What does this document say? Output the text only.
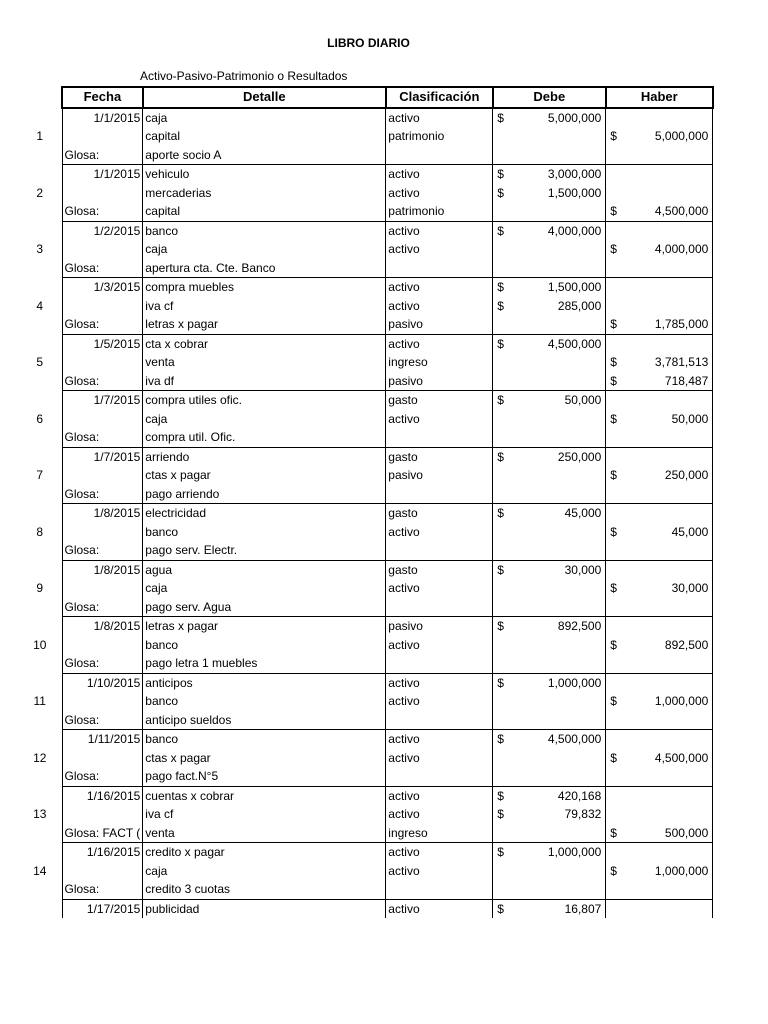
LIBRO DIARIO
Activo-Pasivo-Patrimonio o Resultados
	Fecha	Detalle	Clasificación	Debe	Haber
1	1/1/2015	caja	activo	$ 5,000,000	

		capital	patrimonio		$ 5,000,000

	Glosa:	aporte socio A			
2	1/1/2015	vehiculo	activo	$ 3,000,000	

		mercaderias	activo	$ 1,500,000	

	Glosa:	capital	patrimonio		$ 4,500,000

3	1/2/2015	banco	activo	$ 4,000,000	

		caja	activo		$ 4,000,000

	Glosa:	apertura cta. Cte. Banco			
4	1/3/2015	compra muebles	activo	$ 1,500,000	

		iva cf	activo	$ 285,000	

	Glosa:	letras x pagar	pasivo		$ 1,785,000

5	1/5/2015	cta x cobrar	activo	$ 4,500,000	

		venta	ingreso		$ 3,781,513

	Glosa:	iva df	pasivo		$ 718,487

6	1/7/2015	compra utiles ofic.	gasto	$ 50,000	

		caja	activo		$ 50,000

	Glosa:	compra util. Ofic.			
7	1/7/2015	arriendo	gasto	$ 250,000	

		ctas x pagar	pasivo		$ 250,000

	Glosa:	pago arriendo			
8	1/8/2015	electricidad	gasto	$ 45,000	

		banco	activo		$ 45,000

	Glosa:	pago serv. Electr.			
9	1/8/2015	agua	gasto	$ 30,000	

		caja	activo		$ 30,000

	Glosa:	pago serv. Agua			
10	1/8/2015	letras x pagar	pasivo	$ 892,500	

		banco	activo		$ 892,500

	Glosa:	pago letra 1 muebles			
11	1/10/2015	anticipos	activo	$ 1,000,000	

		banco	activo		$ 1,000,000

	Glosa:	anticipo sueldos			
12	1/11/2015	banco	activo	$ 4,500,000	

		ctas x pagar	activo		$ 4,500,000

	Glosa:	pago fact.N°5			
13	1/16/2015	cuentas x cobrar	activo	$ 420,168	

		iva cf	activo	$ 79,832	

	Glosa: FACT (	venta	ingreso		$ 500,000

14	1/16/2015	credito x pagar	activo	$ 1,000,000	

		caja	activo		$ 1,000,000

	Glosa:	credito 3 cuotas			
	1/17/2015	publicidad	activo	$ 16,807	
